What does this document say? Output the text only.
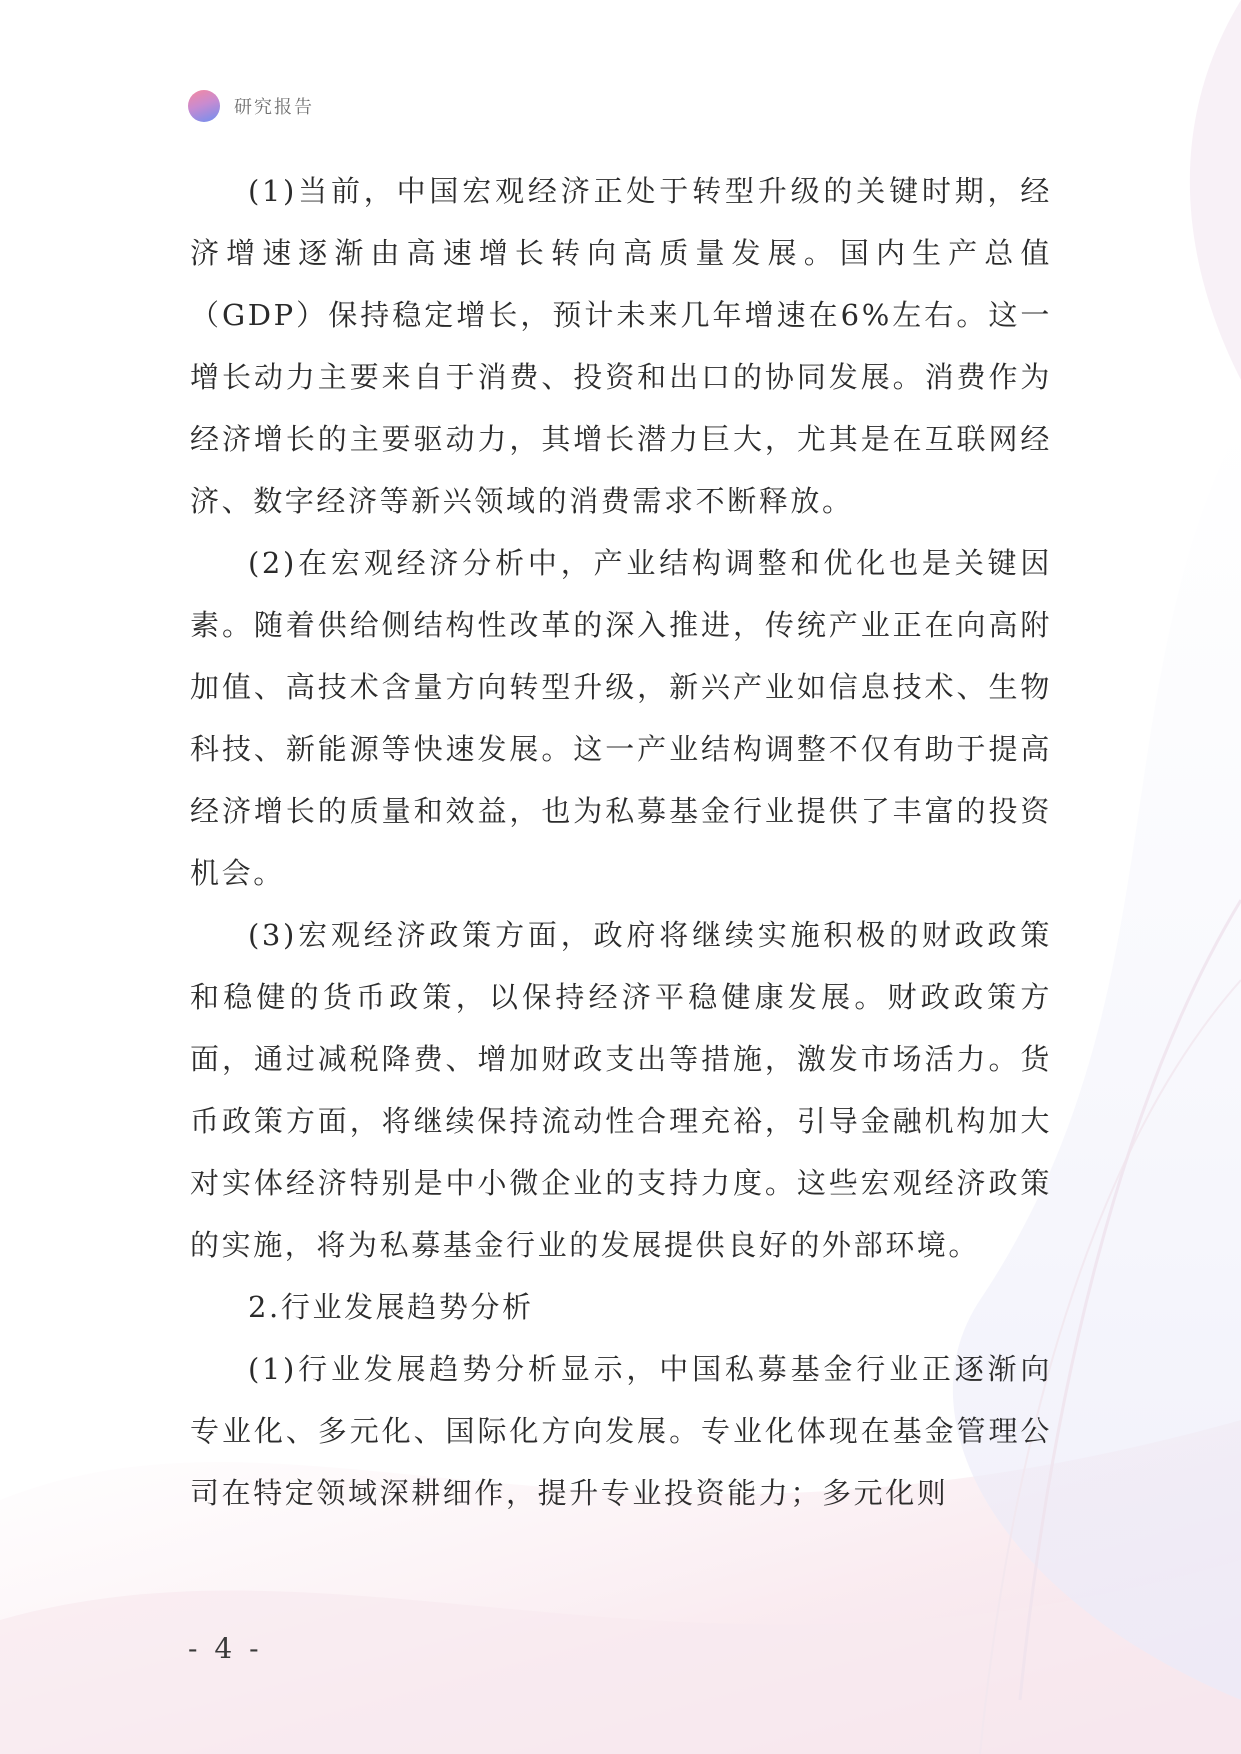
研究报告

(1)当前，中国宏观经济正处于转型升级的关键时期，经济增速逐渐由高速增长转向高质量发展。国内生产总值（GDP）保持稳定增长，预计未来几年增速在6%左右。这一增长动力主要来自于消费、投资和出口的协同发展。消费作为经济增长的主要驱动力，其增长潜力巨大，尤其是在互联网经济、数字经济等新兴领域的消费需求不断释放。

(2)在宏观经济分析中，产业结构调整和优化也是关键因素。随着供给侧结构性改革的深入推进，传统产业正在向高附加值、高技术含量方向转型升级，新兴产业如信息技术、生物科技、新能源等快速发展。这一产业结构调整不仅有助于提高经济增长的质量和效益，也为私募基金行业提供了丰富的投资机会。

(3)宏观经济政策方面，政府将继续实施积极的财政政策和稳健的货币政策，以保持经济平稳健康发展。财政政策方面，通过减税降费、增加财政支出等措施，激发市场活力。货币政策方面，将继续保持流动性合理充裕，引导金融机构加大对实体经济特别是中小微企业的支持力度。这些宏观经济政策的实施，将为私募基金行业的发展提供良好的外部环境。

2.行业发展趋势分析

(1)行业发展趋势分析显示，中国私募基金行业正逐渐向专业化、多元化、国际化方向发展。专业化体现在基金管理公司在特定领域深耕细作，提升专业投资能力；多元化则

- 4 -
